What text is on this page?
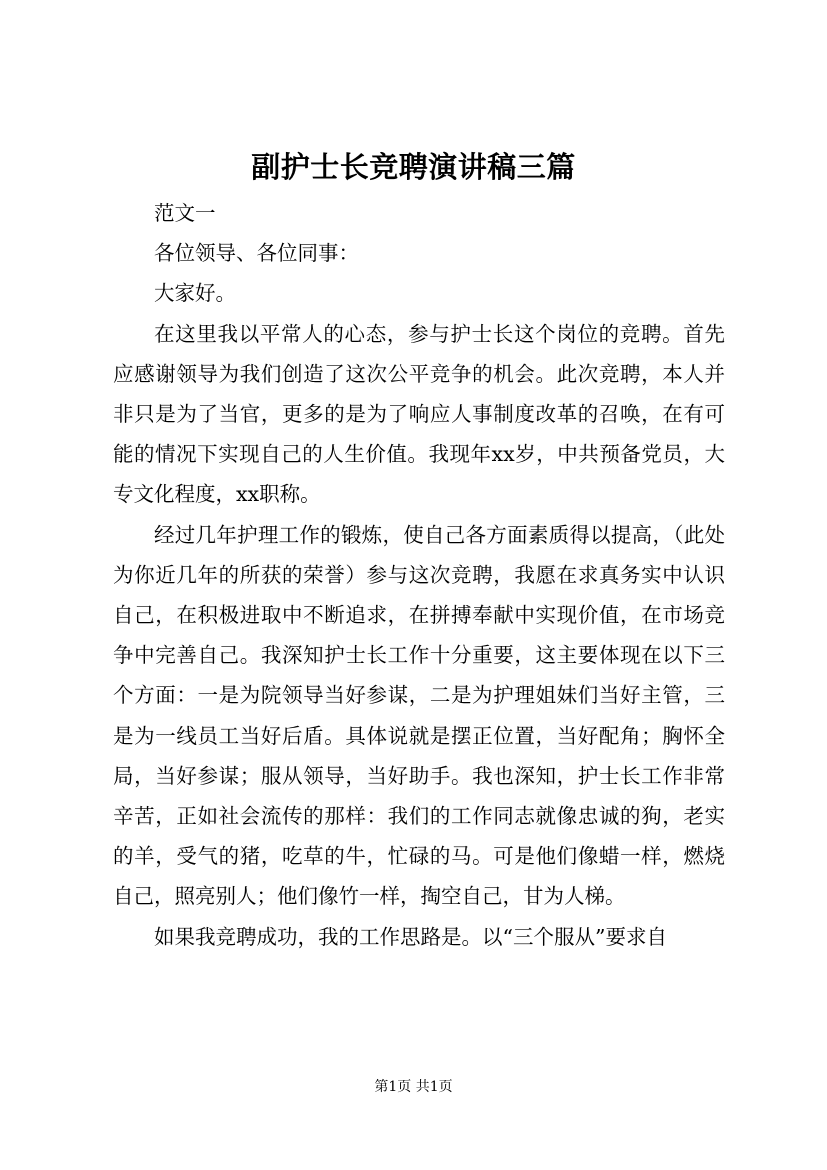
副护士长竞聘演讲稿三篇

范文一

各位领导、各位同事：

大家好。

在这里我以平常人的心态，参与护士长这个岗位的竞聘。首先应感谢领导为我们创造了这次公平竞争的机会。此次竞聘，本人并非只是为了当官，更多的是为了响应人事制度改革的召唤，在有可能的情况下实现自己的人生价值。我现年xx岁，中共预备党员，大专文化程度，xx职称。

经过几年护理工作的锻炼，使自己各方面素质得以提高，（此处为你近几年的所获的荣誉）参与这次竞聘，我愿在求真务实中认识自己，在积极进取中不断追求，在拼搏奉献中实现价值，在市场竞争中完善自己。我深知护士长工作十分重要，这主要体现在以下三个方面：一是为院领导当好参谋，二是为护理姐妹们当好主管，三是为一线员工当好后盾。具体说就是摆正位置，当好配角；胸怀全局，当好参谋；服从领导，当好助手。我也深知，护士长工作非常辛苦，正如社会流传的那样：我们的工作同志就像忠诚的狗，老实的羊，受气的猪，吃草的牛，忙碌的马。可是他们像蜡一样，燃烧自己，照亮别人；他们像竹一样，掏空自己，甘为人梯。

如果我竞聘成功，我的工作思路是。以“三个服从”要求自

第1页 共1页
